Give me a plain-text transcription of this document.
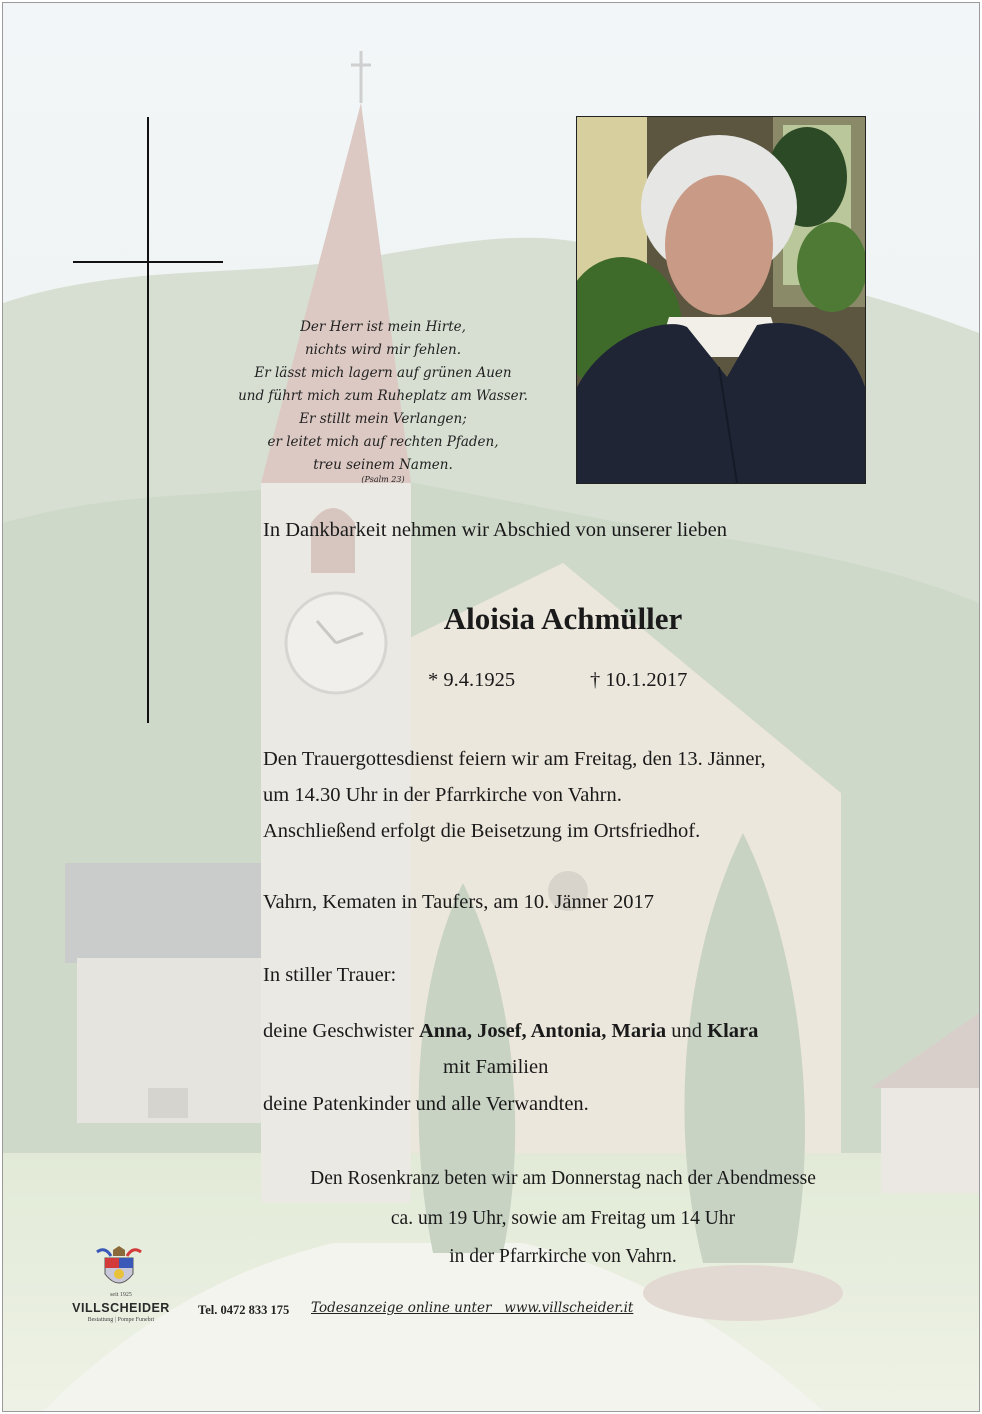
Der Herr ist mein Hirte,
nichts wird mir fehlen.
Er lässt mich lagern auf grünen Auen
und führt mich zum Ruheplatz am Wasser.
Er stillt mein Verlangen;
er leitet mich auf rechten Pfaden,
treu seinem Namen.
(Psalm 23)
In Dankbarkeit nehmen wir Abschied von unserer lieben
Aloisia Achmüller
* 9.4.1925	† 10.1.2017
Den Trauergottesdienst feiern wir am Freitag, den 13. Jänner,
um 14.30 Uhr in der Pfarrkirche von Vahrn.
Anschließend erfolgt die Beisetzung im Ortsfriedhof.
Vahrn, Kematen in Taufers, am 10. Jänner 2017
In stiller Trauer:
deine Geschwister Anna, Josef, Antonia, Maria und Klara
mit Familien
deine Patenkinder und alle Verwandten.
Den Rosenkranz beten wir am Donnerstag nach der Abendmesse
ca. um 19 Uhr, sowie am Freitag um 14 Uhr
in der Pfarrkirche von Vahrn.
seit 1925
VILLSCHEIDER
Bestattung | Pompe Funebri
Tel. 0472 833 175 Todesanzeige online unter   www.villscheider.it
